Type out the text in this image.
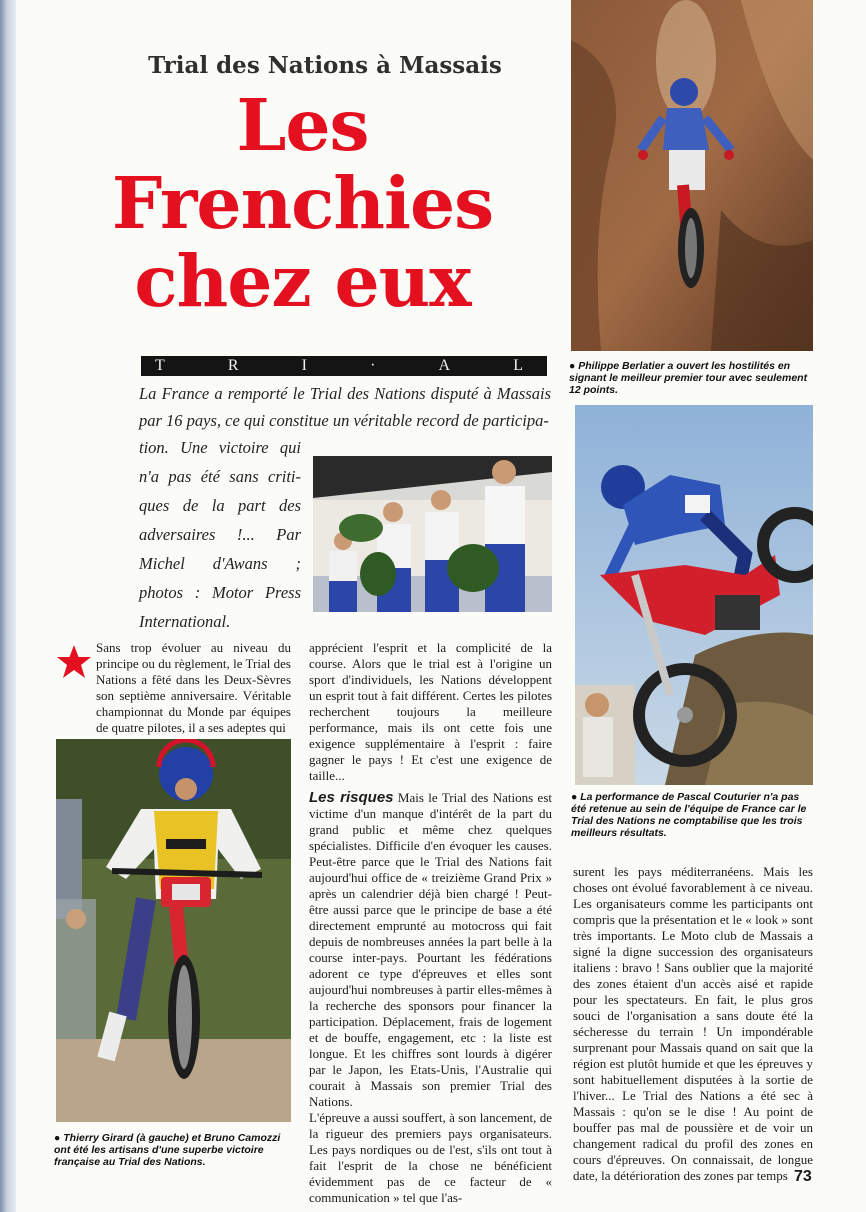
Trial des Nations à Massais
Les
Frenchies
chez eux
T	R	I	·	A	L
La France a remporté le Trial des Nations disputé à Massais par 16 pays, ce qui constitue un véritable record de participa-
tion. Une victoire qui n'a pas été sans criti-ques de la part des adversaires !... Par Michel d'Awans ; photos : Motor Press International.
● Philippe Berlatier a ouvert les hostilités en signant le meilleur premier tour avec seulement 12 points.
● La performance de Pascal Couturier n'a pas été retenue au sein de l'équipe de France car le Trial des Nations ne comptabilise que les trois meilleurs résultats.
● Thierry Girard (à gauche) et Bruno Camozzi ont été les artisans d'une superbe victoire française au Trial des Nations.

Sans trop évoluer au niveau du principe ou du règlement, le Trial des Nations a fêté dans les Deux-Sèvres son septième anniversaire. Véritable championnat du Monde par équipes de quatre pilotes, il a ses adeptes qui

apprécient l'esprit et la complicité de la course. Alors que le trial est à l'origine un sport d'individuels, les Nations développent un esprit tout à fait différent. Certes les pilotes recherchent toujours la meilleure performance, mais ils ont cette fois une exigence supplémentaire à l'esprit : faire gagner le pays ! Et c'est une exigence de taille...

Les risques Mais le Trial des Nations est victime d'un manque d'intérêt de la part du grand public et même chez quelques spécialistes. Difficile d'en évoquer les causes. Peut-être parce que le Trial des Nations fait aujourd'hui office de « treizième Grand Prix » après un calendrier déjà bien chargé ! Peut-être aussi parce que le principe de base a été directement emprunté au motocross qui fait depuis de nombreuses années la part belle à la course inter-pays. Pourtant les fédérations adorent ce type d'épreuves et elles sont aujourd'hui nombreuses à partir elles-mêmes à la recherche des sponsors pour financer la participation. Déplacement, frais de logement et de bouffe, engagement, etc : la liste est longue. Et les chiffres sont lourds à digérer par le Japon, les Etats-Unis, l'Australie qui courait à Massais son premier Trial des Nations.

L'épreuve a aussi souffert, à son lancement, de la rigueur des premiers pays organisateurs. Les pays nordiques ou de l'est, s'ils ont tout à fait l'esprit de la chose ne bénéficient évidemment pas de ce facteur de « communication » tel que l'as-

surent les pays méditerranéens. Mais les choses ont évolué favorablement à ce niveau. Les organisateurs comme les participants ont compris que la présentation et le « look » sont très importants. Le Moto club de Massais a signé la digne succession des organisateurs italiens : bravo ! Sans oublier que la majorité des zones étaient d'un accès aisé et rapide pour les spectateurs. En fait, le plus gros souci de l'organisation a sans doute été la sécheresse du terrain ! Un impondérable surprenant pour Massais quand on sait que la région est plutôt humide et que les épreuves y sont habituellement disputées à la sortie de l'hiver... Le Trial des Nations a été sec à Massais : qu'on se le dise ! Au point de bouffer pas mal de poussière et de voir un changement radical du profil des zones en cours d'épreuves. On connaissait, de longue date, la détérioration des zones par temps 73
